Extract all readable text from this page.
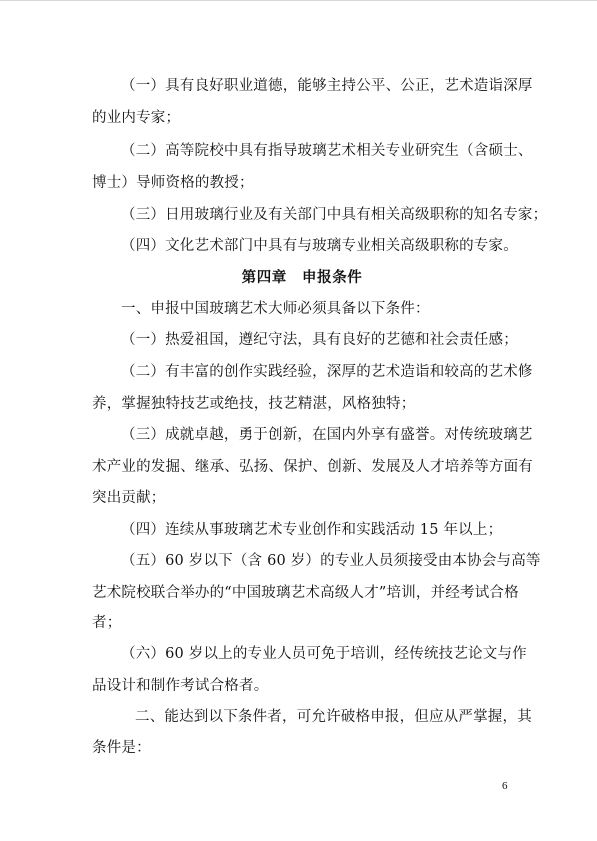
（一）具有良好职业道德，能够主持公平、公正，艺术造诣深厚
的业内专家；
（二）高等院校中具有指导玻璃艺术相关专业研究生（含硕士、
博士）导师资格的教授；
（三）日用玻璃行业及有关部门中具有相关高级职称的知名专家；
（四）文化艺术部门中具有与玻璃专业相关高级职称的专家。
第四章　申报条件
一、申报中国玻璃艺术大师必须具备以下条件：
（一）热爱祖国，遵纪守法，具有良好的艺德和社会责任感；
（二）有丰富的创作实践经验，深厚的艺术造诣和较高的艺术修
养，掌握独特技艺或绝技，技艺精湛，风格独特；
（三）成就卓越，勇于创新，在国内外享有盛誉。对传统玻璃艺
术产业的发掘、继承、弘扬、保护、创新、发展及人才培养等方面有
突出贡献；
（四）连续从事玻璃艺术专业创作和实践活动 15 年以上；
（五）60 岁以下（含 60 岁）的专业人员须接受由本协会与高等
艺术院校联合举办的“中国玻璃艺术高级人才”培训，并经考试合格
者；
（六）60 岁以上的专业人员可免于培训，经传统技艺论文与作
品设计和制作考试合格者。
二、能达到以下条件者，可允许破格申报，但应从严掌握，其
条件是：
6
